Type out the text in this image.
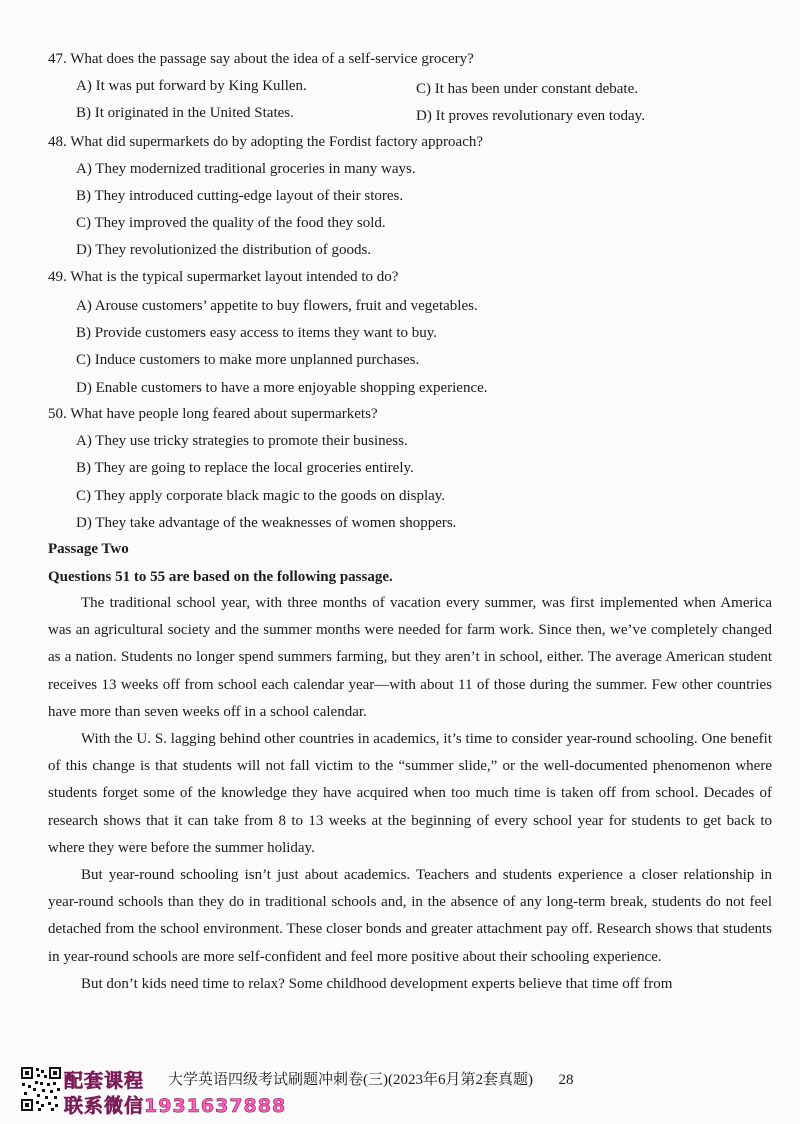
47. What does the passage say about the idea of a self-service grocery?
A) It was put forward by King Kullen.	C) It has been under constant debate.
B) It originated in the United States.	D) It proves revolutionary even today.
48. What did supermarkets do by adopting the Fordist factory approach?
A) They modernized traditional groceries in many ways.
B) They introduced cutting-edge layout of their stores.
C) They improved the quality of the food they sold.
D) They revolutionized the distribution of goods.
49. What is the typical supermarket layout intended to do?
A) Arouse customers’ appetite to buy flowers, fruit and vegetables.
B) Provide customers easy access to items they want to buy.
C) Induce customers to make more unplanned purchases.
D) Enable customers to have a more enjoyable shopping experience.
50. What have people long feared about supermarkets?
A) They use tricky strategies to promote their business.
B) They are going to replace the local groceries entirely.
C) They apply corporate black magic to the goods on display.
D) They take advantage of the weaknesses of women shoppers.
Passage Two
Questions 51 to 55 are based on the following passage.

The traditional school year, with three months of vacation every summer, was first implemented when America was an agricultural society and the summer months were needed for farm work. Since then, we’ve completely changed as a nation. Students no longer spend summers farming, but they aren’t in school, either. The average American student receives 13 weeks off from school each calendar year—with about 11 of those during the summer. Few other countries have more than seven weeks off in a school calendar.

With the U. S. lagging behind other countries in academics, it’s time to consider year-round schooling. One benefit of this change is that students will not fall victim to the “summer slide,” or the well-documented phenomenon where students forget some of the knowledge they have acquired when too much time is taken off from school. Decades of research shows that it can take from 8 to 13 weeks at the beginning of every school year for students to get back to where they were before the summer holiday.

But year-round schooling isn’t just about academics. Teachers and students experience a closer relationship in year-round schools than they do in traditional schools and, in the absence of any long-term break, students do not feel detached from the school environment. These closer bonds and greater attachment pay off. Research shows that students in year-round schools are more self-confident and feel more positive about their schooling experience.

But don’t kids need time to relax? Some childhood development experts believe that time off from

大学英语四级考试刷题冲刺卷(三)(2023年6月第2套真题) 28
配套课程
联系微信1931637888
